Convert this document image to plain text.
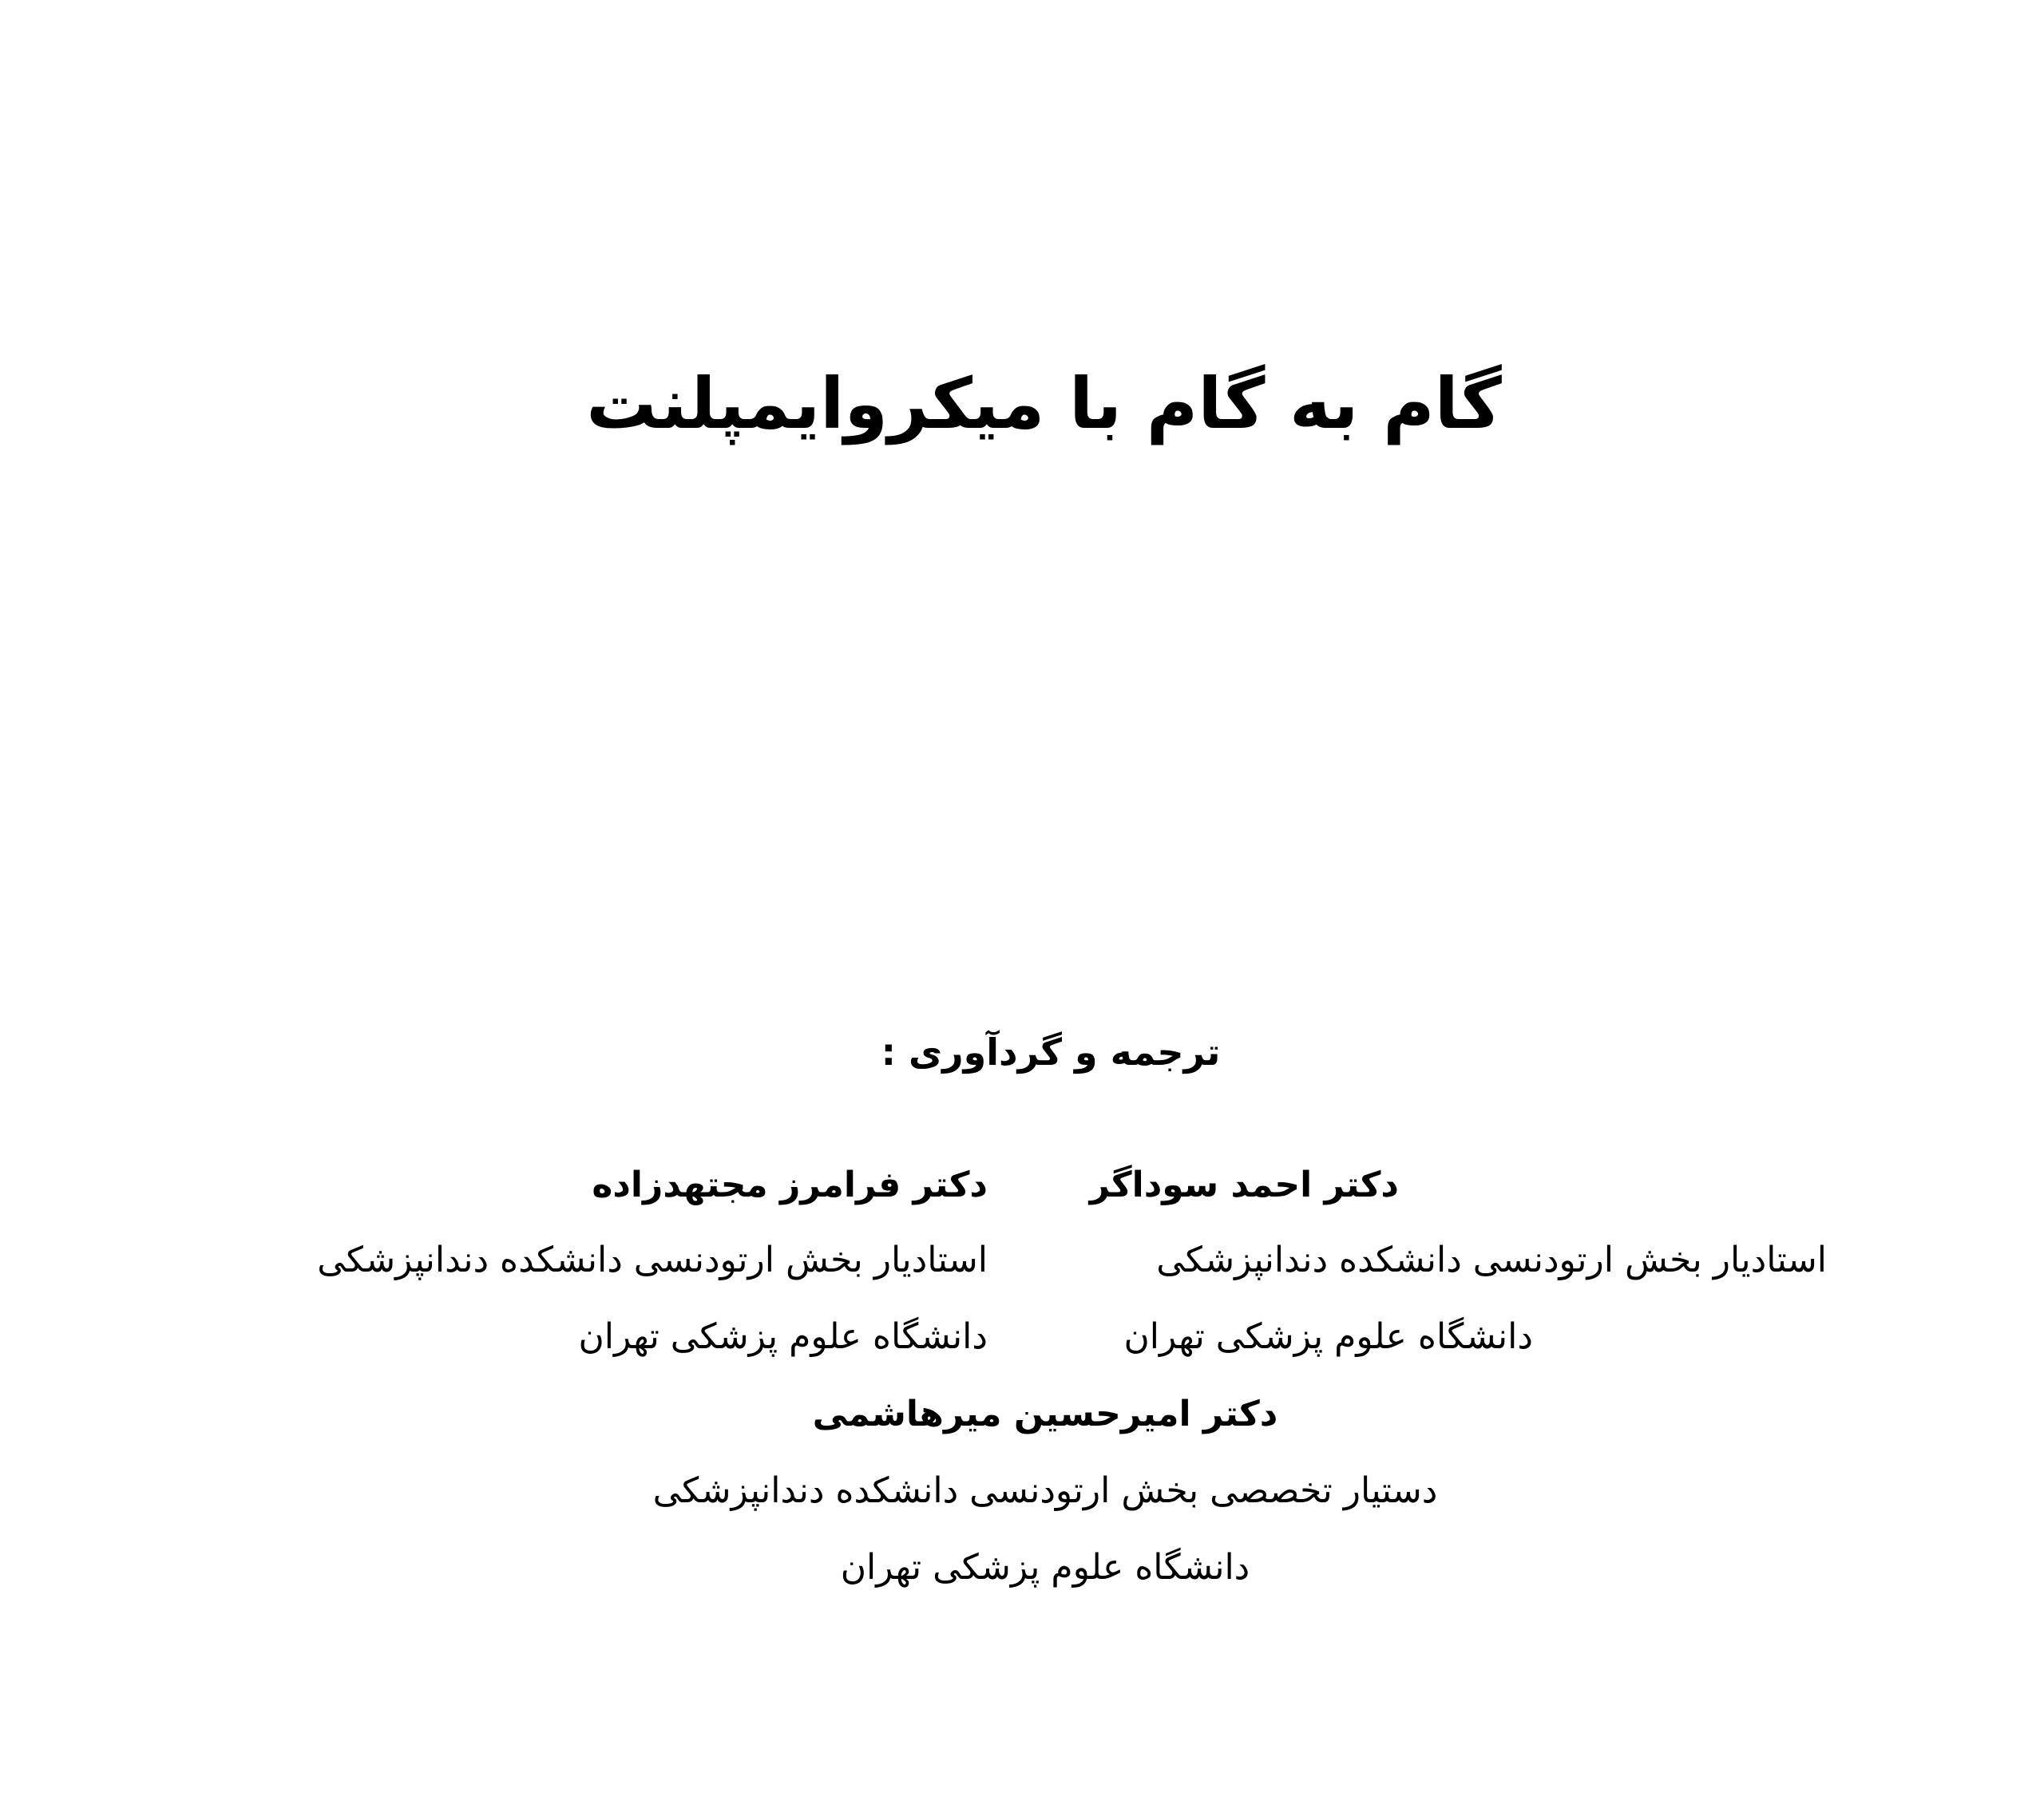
گام به گام با میکروایمپلنت
ترجمه و گردآوری :
دکتر احمد سوداگر
استادیار بخش ارتودنسی دانشکده دندانپزشکی
دانشگاه علوم پزشکی تهران
دکتر فرامرز مجتهدزاده
استادیار بخش ارتودنسی دانشکده دندانپزشکی
دانشگاه علوم پزشکی تهران
دکتر امیرحسین میرهاشمی
دستیار تخصصی بخش ارتودنسی دانشکده دندانپزشکی
دانشگاه علوم پزشکی تهران
